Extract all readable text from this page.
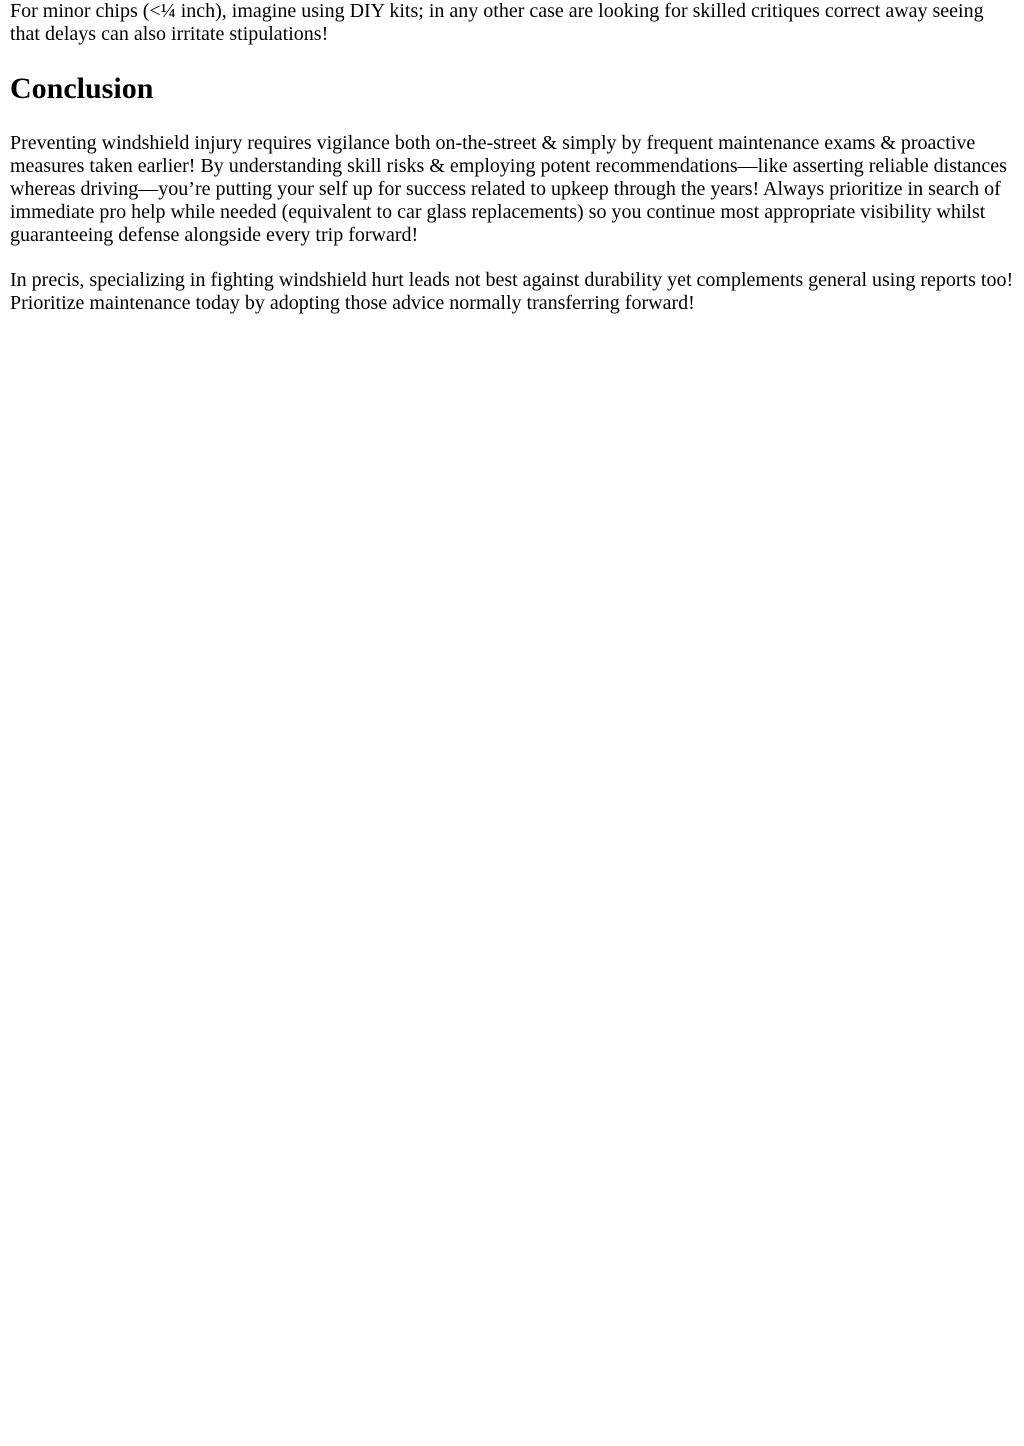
For minor chips (<¼ inch), imagine using DIY kits; in any other case are looking for skilled critiques correct away seeing that delays can also irritate stipulations!

Conclusion

Preventing windshield injury requires vigilance both on-the-street & simply by frequent maintenance exams & proactive measures taken earlier! By understanding skill risks & employing potent recommendations—like asserting reliable distances whereas driving—you’re putting your self up for success related to upkeep through the years! Always prioritize in search of immediate pro help while needed (equivalent to car glass replacements) so you continue most appropriate visibility whilst guaranteeing defense alongside every trip forward!

In precis, specializing in fighting windshield hurt leads not best against durability yet complements general using reports too! Prioritize maintenance today by adopting those advice normally transferring forward!
